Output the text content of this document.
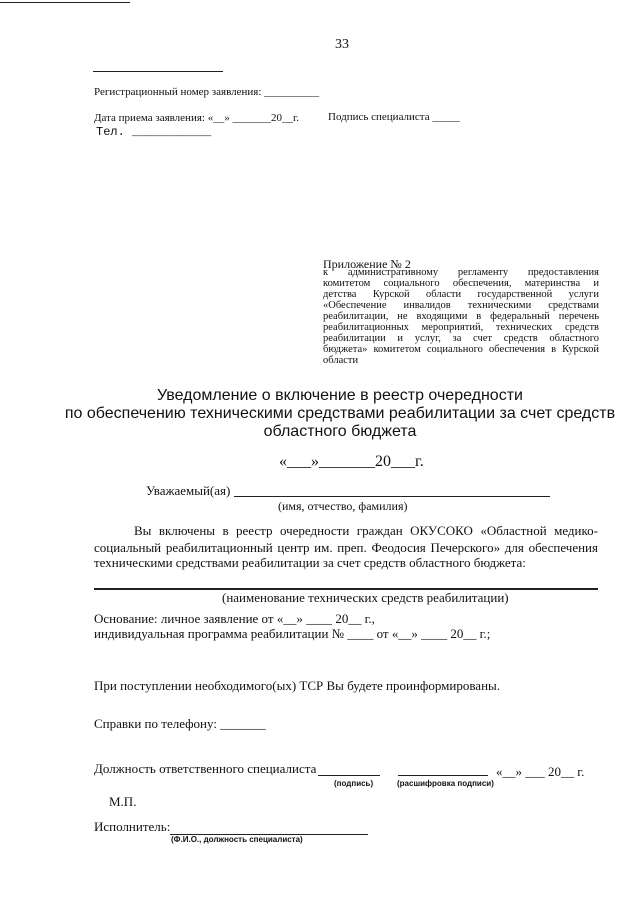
33
Регистрационный номер заявления: __________
Дата приема заявления: «__» _______20__г.	Подпись специалиста _____
Тел. ___________
Приложение № 2
к административному регламенту предоставления
комитетом социального обеспечения, материнства и
детства Курской области государственной услуги
«Обеспечение инвалидов техническими средствами
реабилитации, не входящими в федеральный перечень
реабилитационных мероприятий, технических средств
реабилитации и услуг, за счет средств областного
бюджета» комитетом социального обеспечения в Курской
области
Уведомление о включение в реестр очередности
по обеспечению техническими средствами реабилитации за счет средств
областного бюджета
«___»_______20___г.
Уважаемый(ая)
(имя, отчество, фамилия)
Вы включены в реестр очередности граждан ОКУСОКО «Областной медико-
социальный реабилитационный центр им. преп. Феодосия Печерского» для обеспечения
техническими средствами реабилитации за счет средств областного бюджета:
(наименование технических средств реабилитации)
Основание: личное заявление от «__» ____ 20__ г.,
индивидуальная программа реабилитации № ____ от «__» ____ 20__ г.;
При поступлении необходимого(ых) ТСР Вы будете проинформированы.
Справки по телефону: _______
Должность ответственного специалиста	«__» ___ 20__ г.
(подпись)	(расшифровка подписи)
М.П.
Исполнитель:
(Ф.И.О., должность специалиста)
